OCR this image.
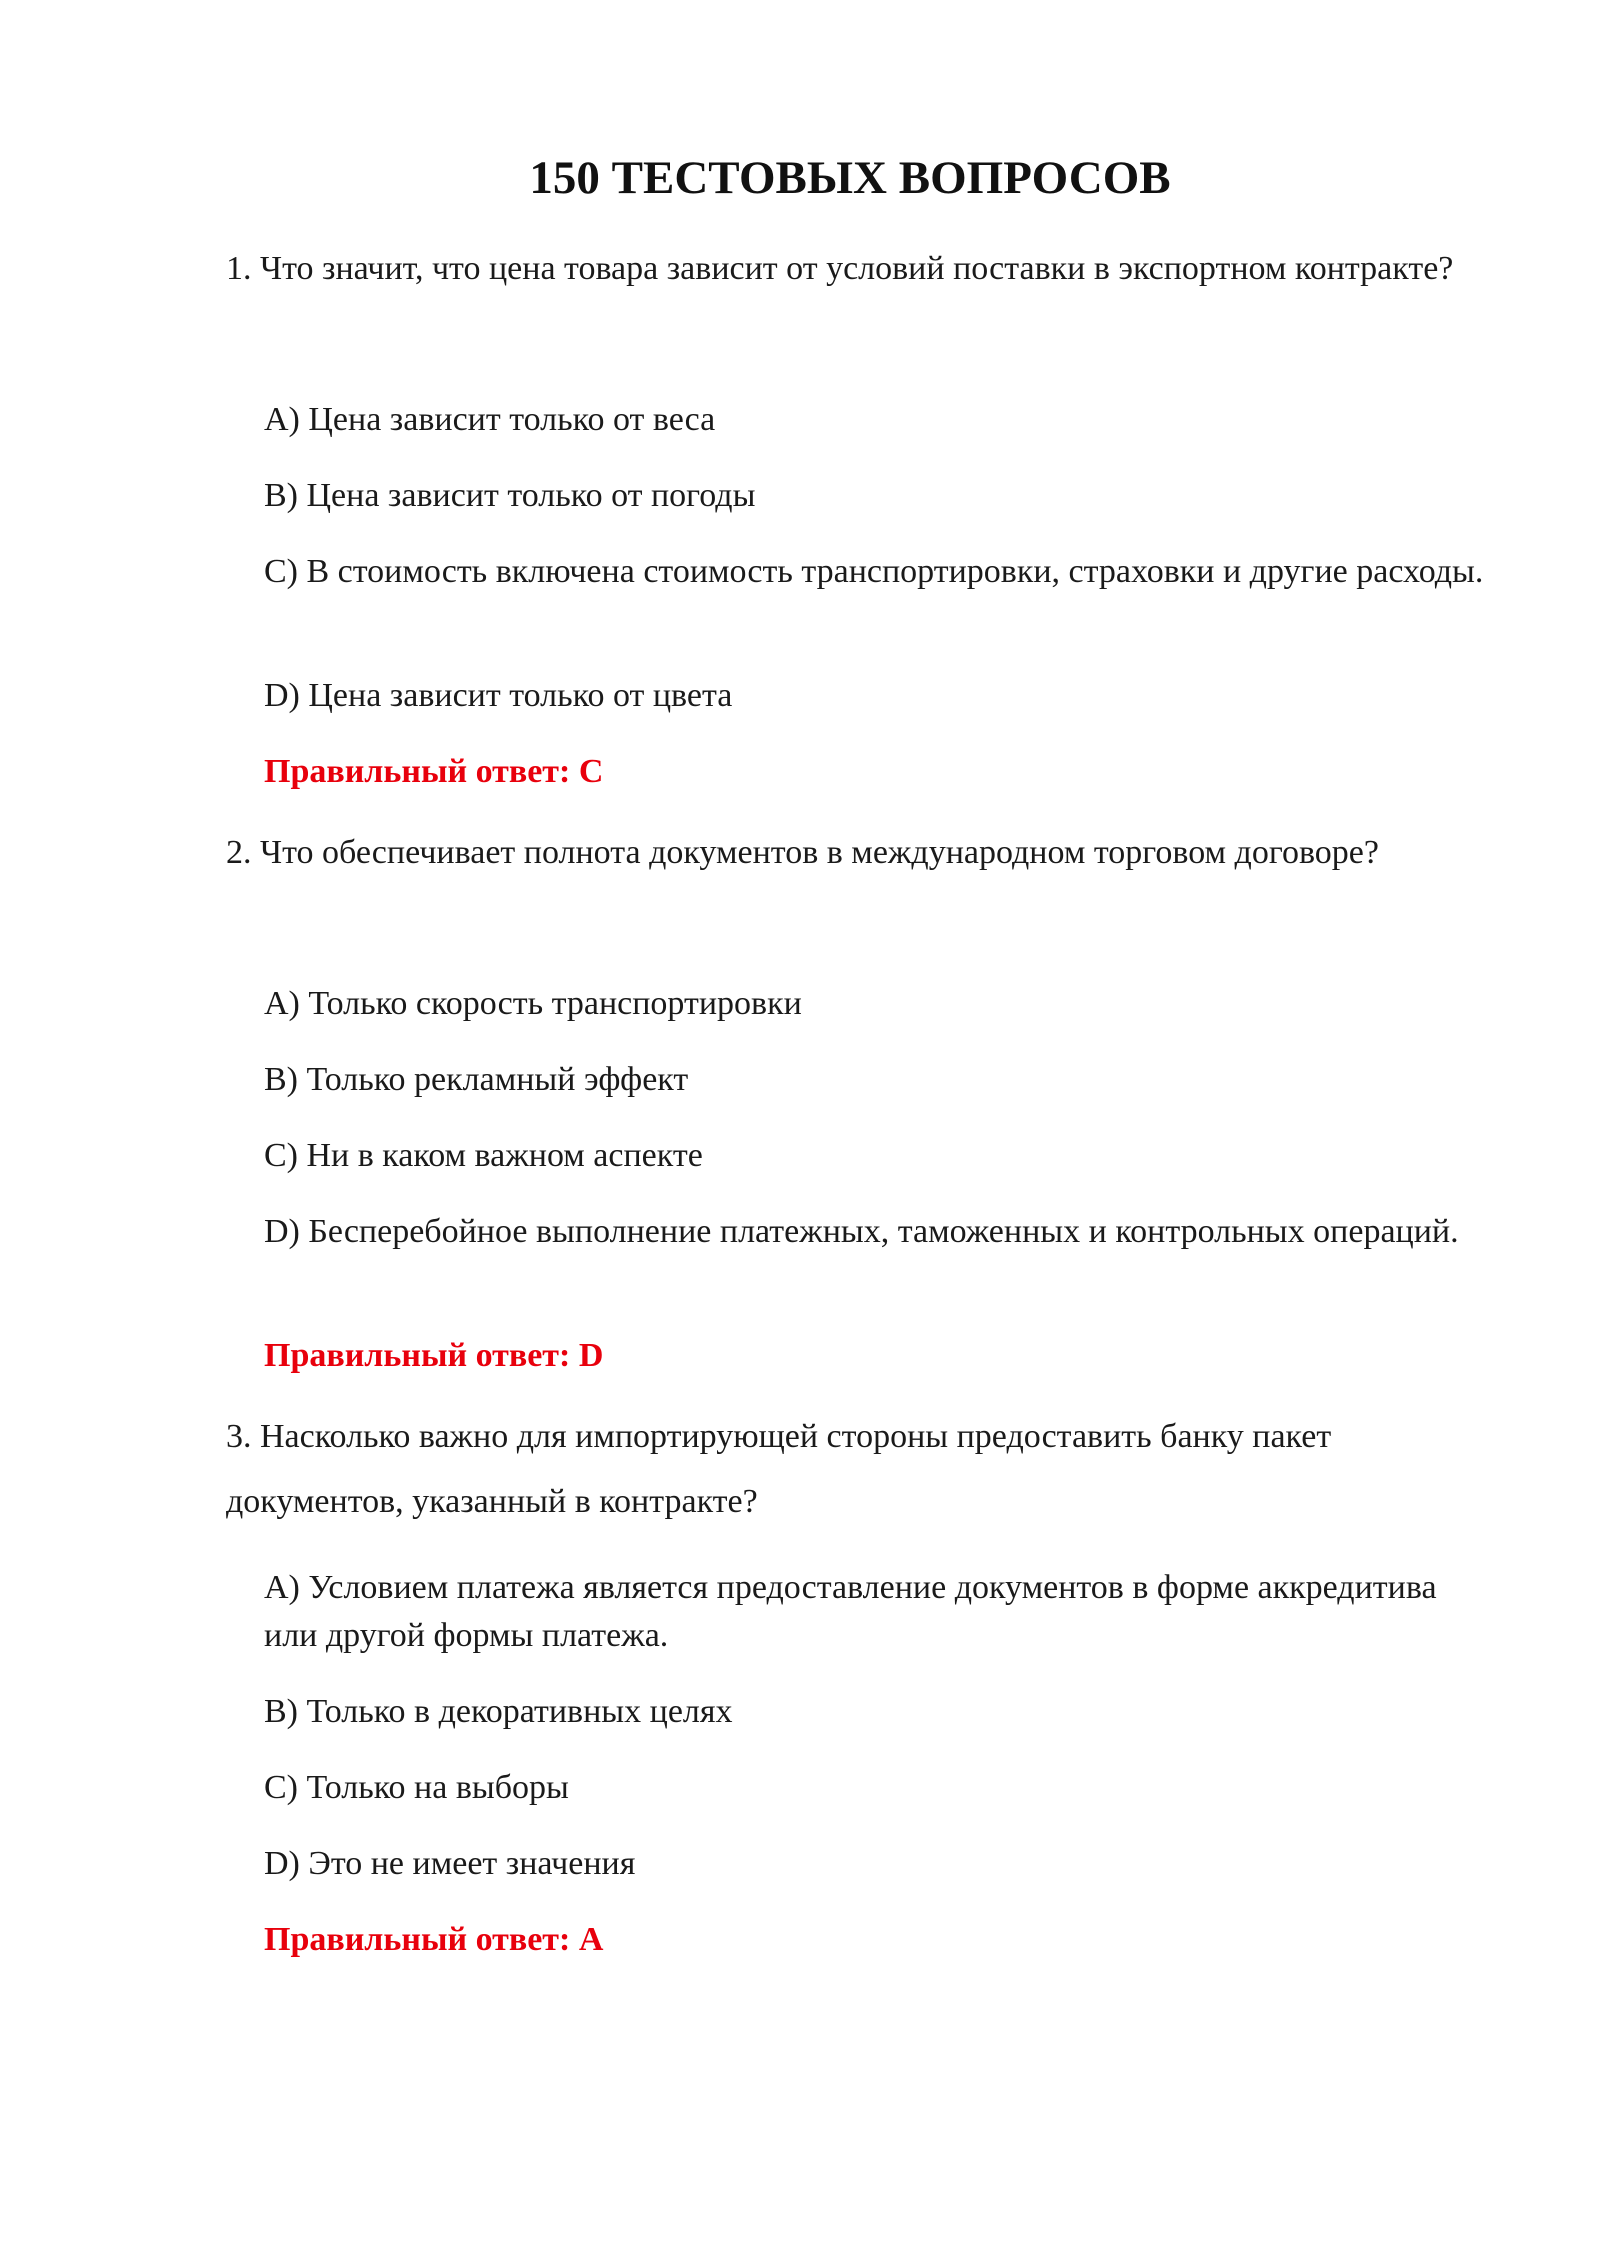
150 ТЕСТОВЫХ ВОПРОСОВ

1. Что значит, что цена товара зависит от условий поставки в экспортном контракте?

A) Цена зависит только от веса

B) Цена зависит только от погоды

C) В стоимость включена стоимость транспортировки, страховки и другие расходы.

D) Цена зависит только от цвета

Правильный ответ: C

2. Что обеспечивает полнота документов в международном торговом договоре?

A) Только скорость транспортировки

B) Только рекламный эффект

C) Ни в каком важном аспекте

D) Бесперебойное выполнение платежных, таможенных и контрольных операций.

Правильный ответ: D

3. Насколько важно для импортирующей стороны предоставить банку пакет документов, указанный в контракте?

A) Условием платежа является предоставление документов в форме аккредитива или другой формы платежа.

B) Только в декоративных целях

C) Только на выборы

D) Это не имеет значения

Правильный ответ: A
